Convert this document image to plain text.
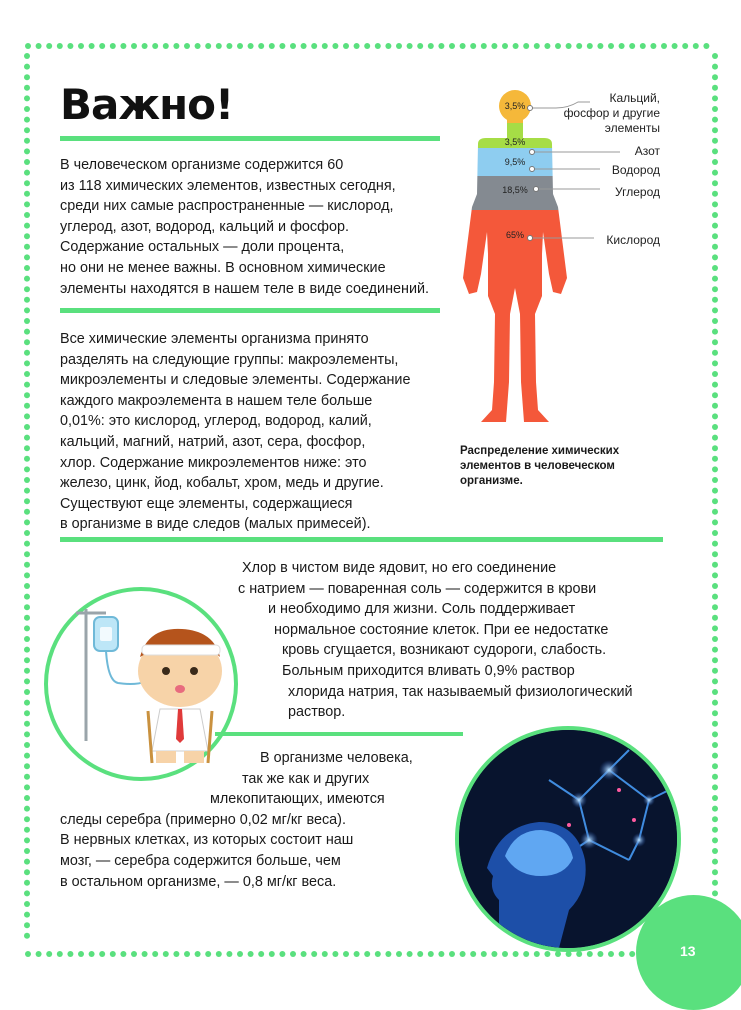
Важно!
В человеческом организме содержится 60
из 118 химических элементов, известных сегодня,
среди них самые распространенные — кислород,
углерод, азот, водород, кальций и фосфор.
Содержание остальных — доли процента,
но они не менее важны. В основном химические
элементы находятся в нашем теле в виде соединений.
Все химические элементы организма принято
разделять на следующие группы: макроэлементы,
микроэлементы и следовые элементы. Содержание
каждого макроэлемента в нашем теле больше
0,01%: это кислород, углерод, водород, калий,
кальций, магний, натрий, азот, сера, фосфор,
хлор. Содержание микроэлементов ниже: это
железо, цинк, йод, кобальт, хром, медь и другие.
Существуют еще элементы, содержащиеся
в организме в виде следов (малых примесей).
3,5%
3,5%
9,5%
18,5%
65%
Кальций,
фосфор и другие
элементы
Азот
Водород
Углерод
Кислород
Распределение химических
элементов в человеческом
организме.
Хлор в чистом виде ядовит, но его соединение
с натрием — поваренная соль — содержится в крови
и необходимо для жизни. Соль поддерживает
нормальное состояние клеток. При ее недостатке
кровь сгущается, возникают судороги, слабость.
Больным приходится вливать 0,9% раствор
хлорида натрия, так называемый физиологический
раствор.
В организме человека,
так же как и других
млекопитающих, имеются
следы серебра (примерно 0,02 мг/кг веса).
В нервных клетках, из которых состоит наш
мозг, — серебра содержится больше, чем
в остальном организме, — 0,8 мг/кг веса.
13
